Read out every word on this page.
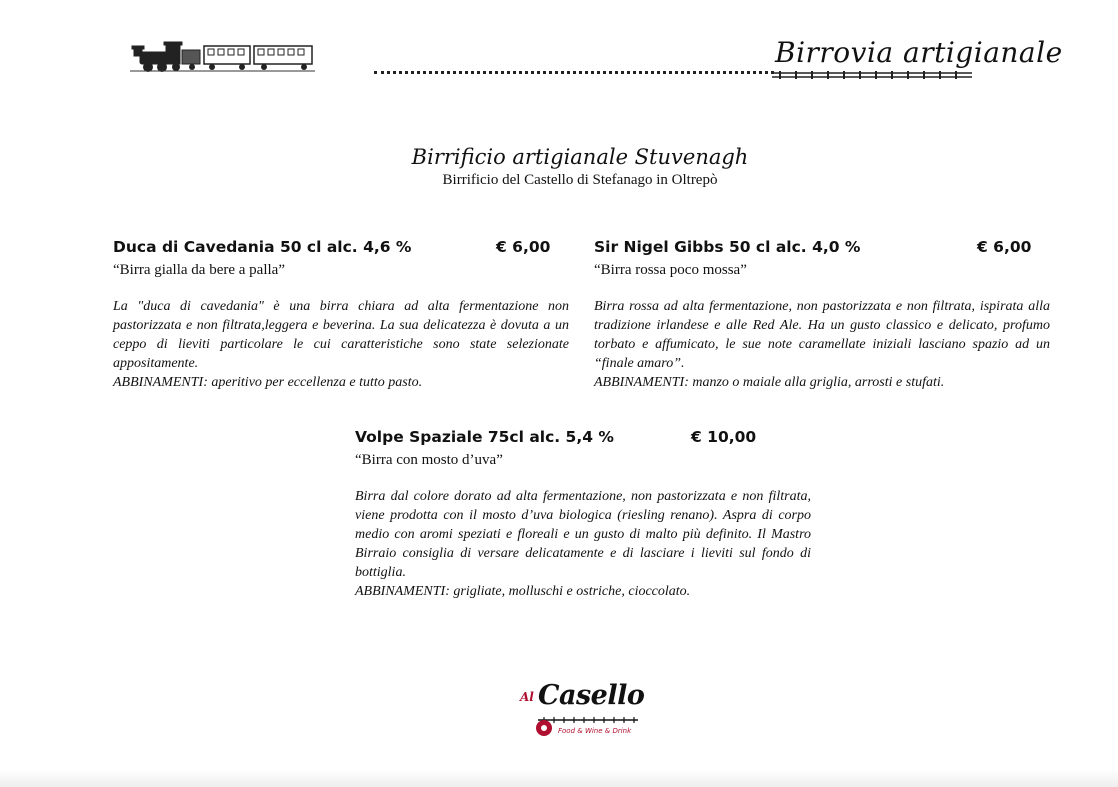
Birrovia artigianale
Birrificio artigianale Stuvenagh
Birrificio del Castello di Stefanago in Oltrepò
Duca di Cavedania 50 cl alc. 4,6 %	€ 6,00
“Birra gialla da bere a palla”
La "duca di cavedania" è una birra chiara ad alta fermentazione non pastorizzata e non filtrata,leggera e beverina. La sua delicatezza è dovuta a un ceppo di lieviti particolare le cui caratteristiche sono state selezionate appositamente.
ABBINAMENTI: aperitivo per eccellenza e tutto pasto.
Sir Nigel Gibbs 50 cl alc. 4,0 %	€ 6,00
“Birra rossa poco mossa”
Birra rossa ad alta fermentazione, non pastorizzata e non filtrata, ispirata alla tradizione irlandese e alle Red Ale. Ha un gusto classico e delicato, profumo torbato e affumicato, le sue note caramellate iniziali lasciano spazio ad un “finale amaro”.
ABBINAMENTI: manzo o maiale alla griglia, arrosti e stufati.
Volpe Spaziale 75cl alc. 5,4 %	€ 10,00
“Birra con mosto d’uva”
Birra dal colore dorato ad alta fermentazione, non pastorizzata e non filtrata, viene prodotta con il mosto d’uva biologica (riesling renano). Aspra di corpo medio con aromi speziati e floreali e un gusto di malto più definito. Il Mastro Birraio consiglia di versare delicatamente e di lasciare i lieviti sul fondo di bottiglia.
ABBINAMENTI: grigliate, molluschi e ostriche, cioccolato.
Al Casello
Food & Wine & Drink
